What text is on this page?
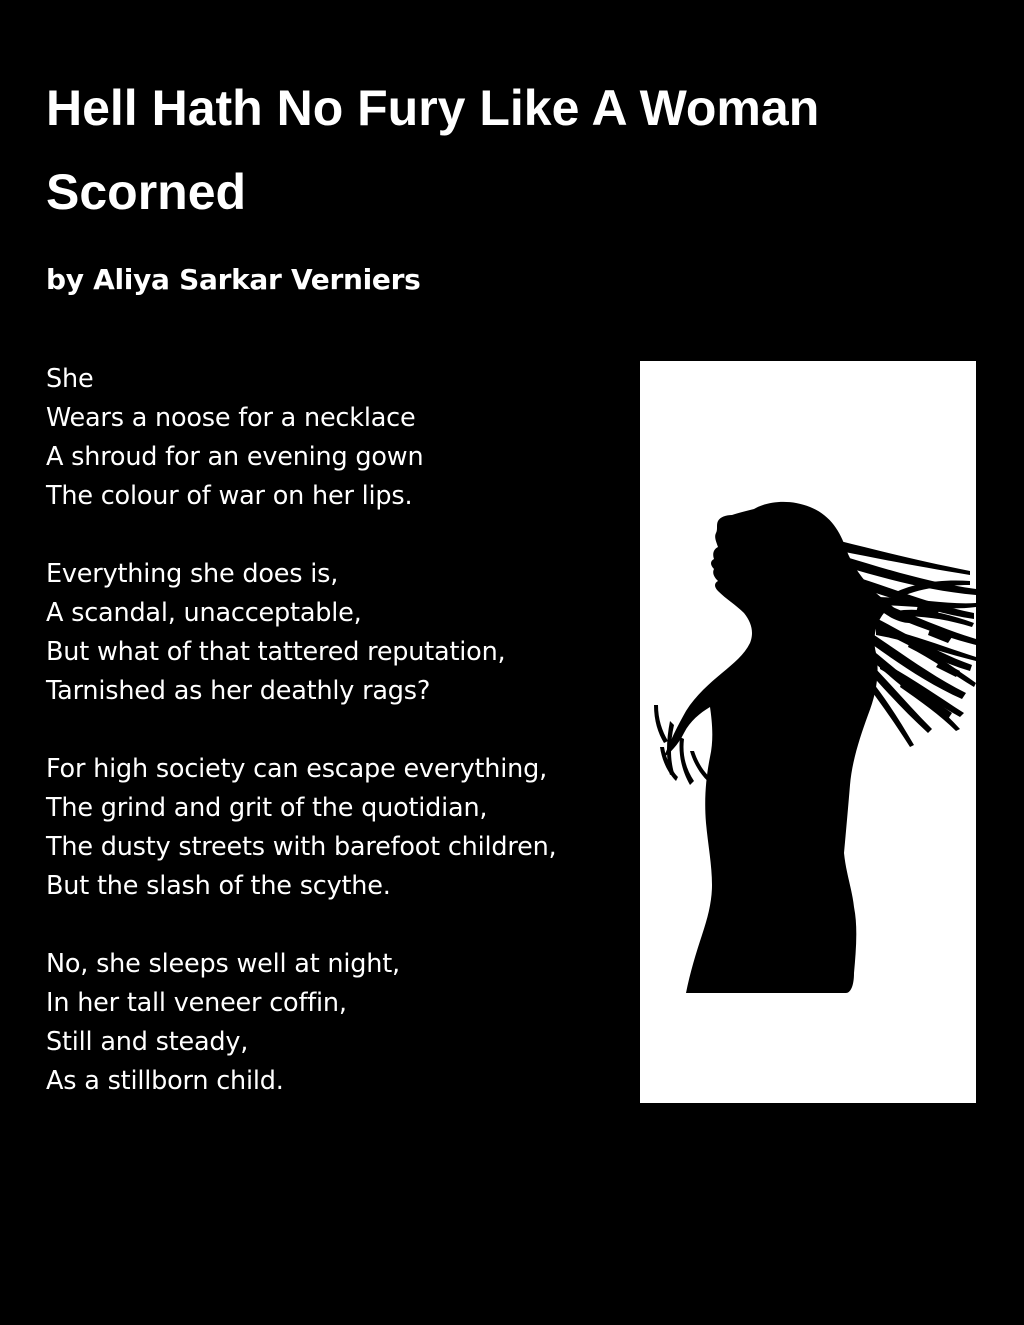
Hell Hath No Fury Like A Woman Scorned
by Aliya Sarkar Verniers
She
Wears a noose for a necklace
A shroud for an evening gown
The colour of war on her lips.
Everything she does is,
A scandal, unacceptable,
But what of that tattered reputation,
Tarnished as her deathly rags?
For high society can escape everything,
The grind and grit of the quotidian,
The dusty streets with barefoot children,
But the slash of the scythe.
No, she sleeps well at night,
In her tall veneer coffin,
Still and steady,
As a stillborn child.
